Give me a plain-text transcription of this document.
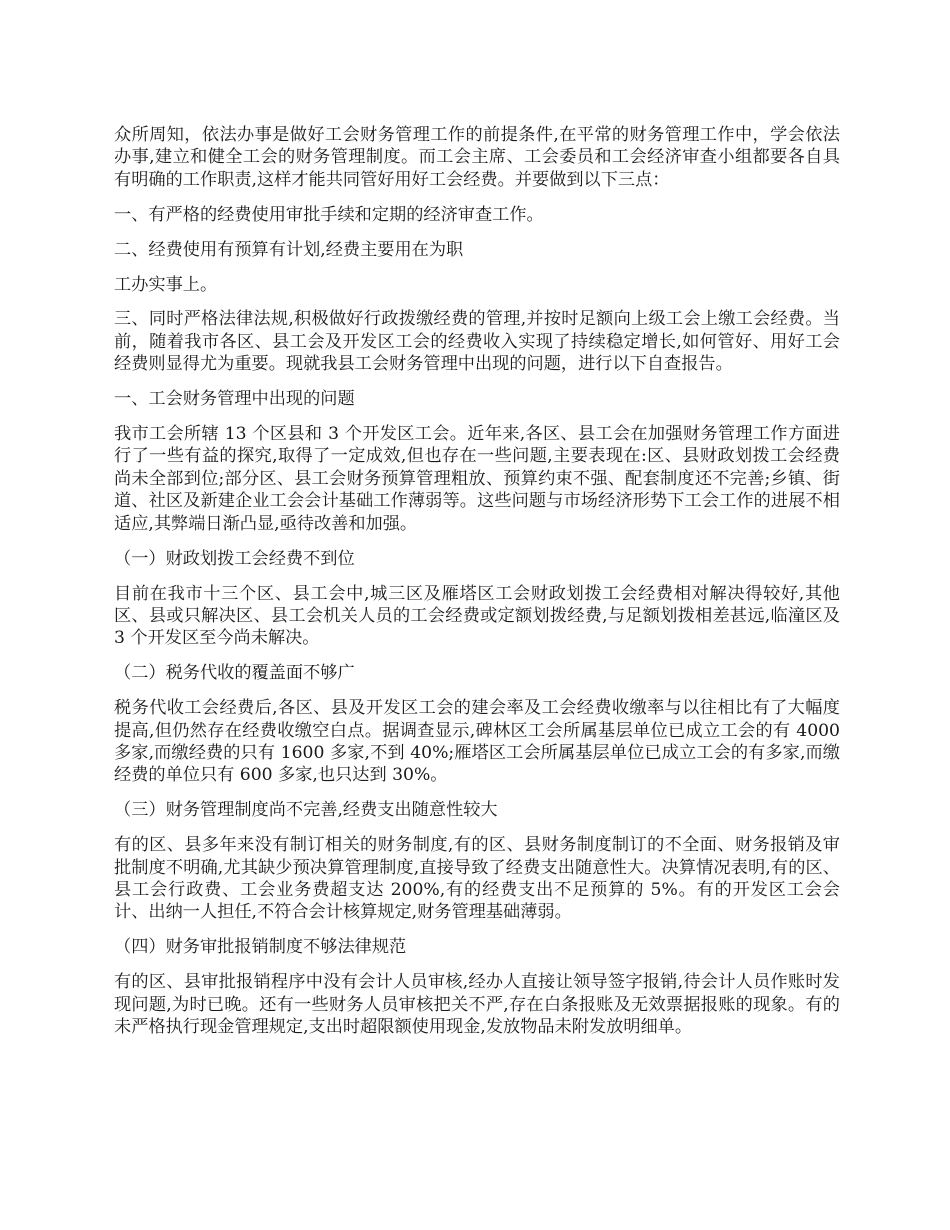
众所周知，依法办事是做好工会财务管理工作的前提条件,在平常的财务管理工作中，学会依法办事,建立和健全工会的财务管理制度。而工会主席、工会委员和工会经济审查小组都要各自具有明确的工作职责,这样才能共同管好用好工会经费。并要做到以下三点：

一、有严格的经费使用审批手续和定期的经济审查工作。

二、经费使用有预算有计划,经费主要用在为职

工办实事上。

三、同时严格法律法规,积极做好行政拨缴经费的管理,并按时足额向上级工会上缴工会经费。当前，随着我市各区、县工会及开发区工会的经费收入实现了持续稳定增长,如何管好、用好工会经费则显得尤为重要。现就我县工会财务管理中出现的问题，进行以下自查报告。

一、工会财务管理中出现的问题

我市工会所辖 13 个区县和 3 个开发区工会。近年来,各区、县工会在加强财务管理工作方面进行了一些有益的探究,取得了一定成效,但也存在一些问题,主要表现在:区、县财政划拨工会经费尚未全部到位;部分区、县工会财务预算管理粗放、预算约束不强、配套制度还不完善;乡镇、街道、社区及新建企业工会会计基础工作薄弱等。这些问题与市场经济形势下工会工作的进展不相适应,其弊端日渐凸显,亟待改善和加强。

（一）财政划拨工会经费不到位

目前在我市十三个区、县工会中,城三区及雁塔区工会财政划拨工会经费相对解决得较好,其他区、县或只解决区、县工会机关人员的工会经费或定额划拨经费,与足额划拨相差甚远,临潼区及 3 个开发区至今尚未解决。

（二）税务代收的覆盖面不够广

税务代收工会经费后,各区、县及开发区工会的建会率及工会经费收缴率与以往相比有了大幅度提高,但仍然存在经费收缴空白点。据调查显示,碑林区工会所属基层单位已成立工会的有 4000 多家,而缴经费的只有 1600 多家,不到 40%;雁塔区工会所属基层单位已成立工会的有多家,而缴经费的单位只有 600 多家,也只达到 30%。

（三）财务管理制度尚不完善,经费支出随意性较大

有的区、县多年来没有制订相关的财务制度,有的区、县财务制度制订的不全面、财务报销及审批制度不明确,尤其缺少预决算管理制度,直接导致了经费支出随意性大。决算情况表明,有的区、县工会行政费、工会业务费超支达 200%,有的经费支出不足预算的 5%。有的开发区工会会计、出纳一人担任,不符合会计核算规定,财务管理基础薄弱。

（四）财务审批报销制度不够法律规范

有的区、县审批报销程序中没有会计人员审核,经办人直接让领导签字报销,待会计人员作账时发现问题,为时已晚。还有一些财务人员审核把关不严,存在白条报账及无效票据报账的现象。有的未严格执行现金管理规定,支出时超限额使用现金,发放物品未附发放明细单。
